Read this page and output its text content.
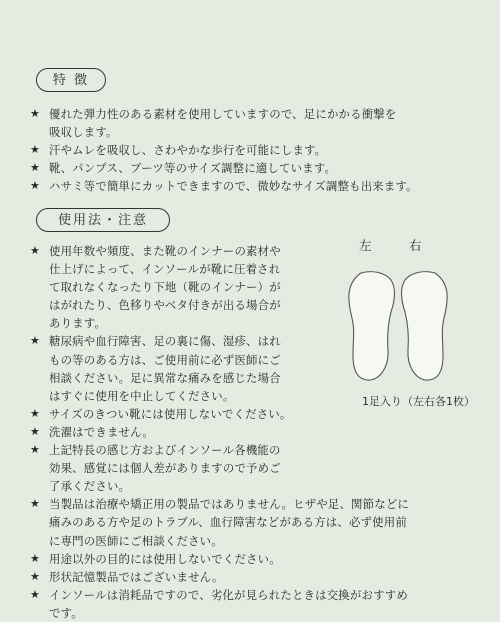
特 徴
★ 優れた弾力性のある素材を使用していますので、足にかかる衝撃を
吸収します。
★ 汗やムレを吸収し、さわやかな歩行を可能にします。
★ 靴、パンプス、ブーツ等のサイズ調整に適しています。
★ ハサミ等で簡単にカットできますので、微妙なサイズ調整も出来ます。
使用法・注意
★ 使用年数や頻度、また靴のインナーの素材や
仕上げによって、インソールが靴に圧着され
て取れなくなったり下地（靴のインナー）が
はがれたり、色移りやベタ付きが出る場合が
あります。
★ 糖尿病や血行障害、足の裏に傷、湿疹、はれ
もの等のある方は、ご使用前に必ず医師にご
相談ください。足に異常な痛みを感じた場合
はすぐに使用を中止してください。
★ サイズのきつい靴には使用しないでください。
★ 洗濯はできません。
★ 上記特長の感じ方およびインソール各機能の
効果、感覚には個人差がありますので予めご
了承ください。
★ 当製品は治療や矯正用の製品ではありません。ヒザや足、関節などに
痛みのある方や足のトラブル、血行障害などがある方は、必ず使用前
に専門の医師にご相談ください。
★ 用途以外の目的には使用しないでください。
★ 形状記憶製品ではございません。
★ インソールは消耗品ですので、劣化が見られたときは交換がおすすめ
です。
左	右
1足入り（左右各1枚）
